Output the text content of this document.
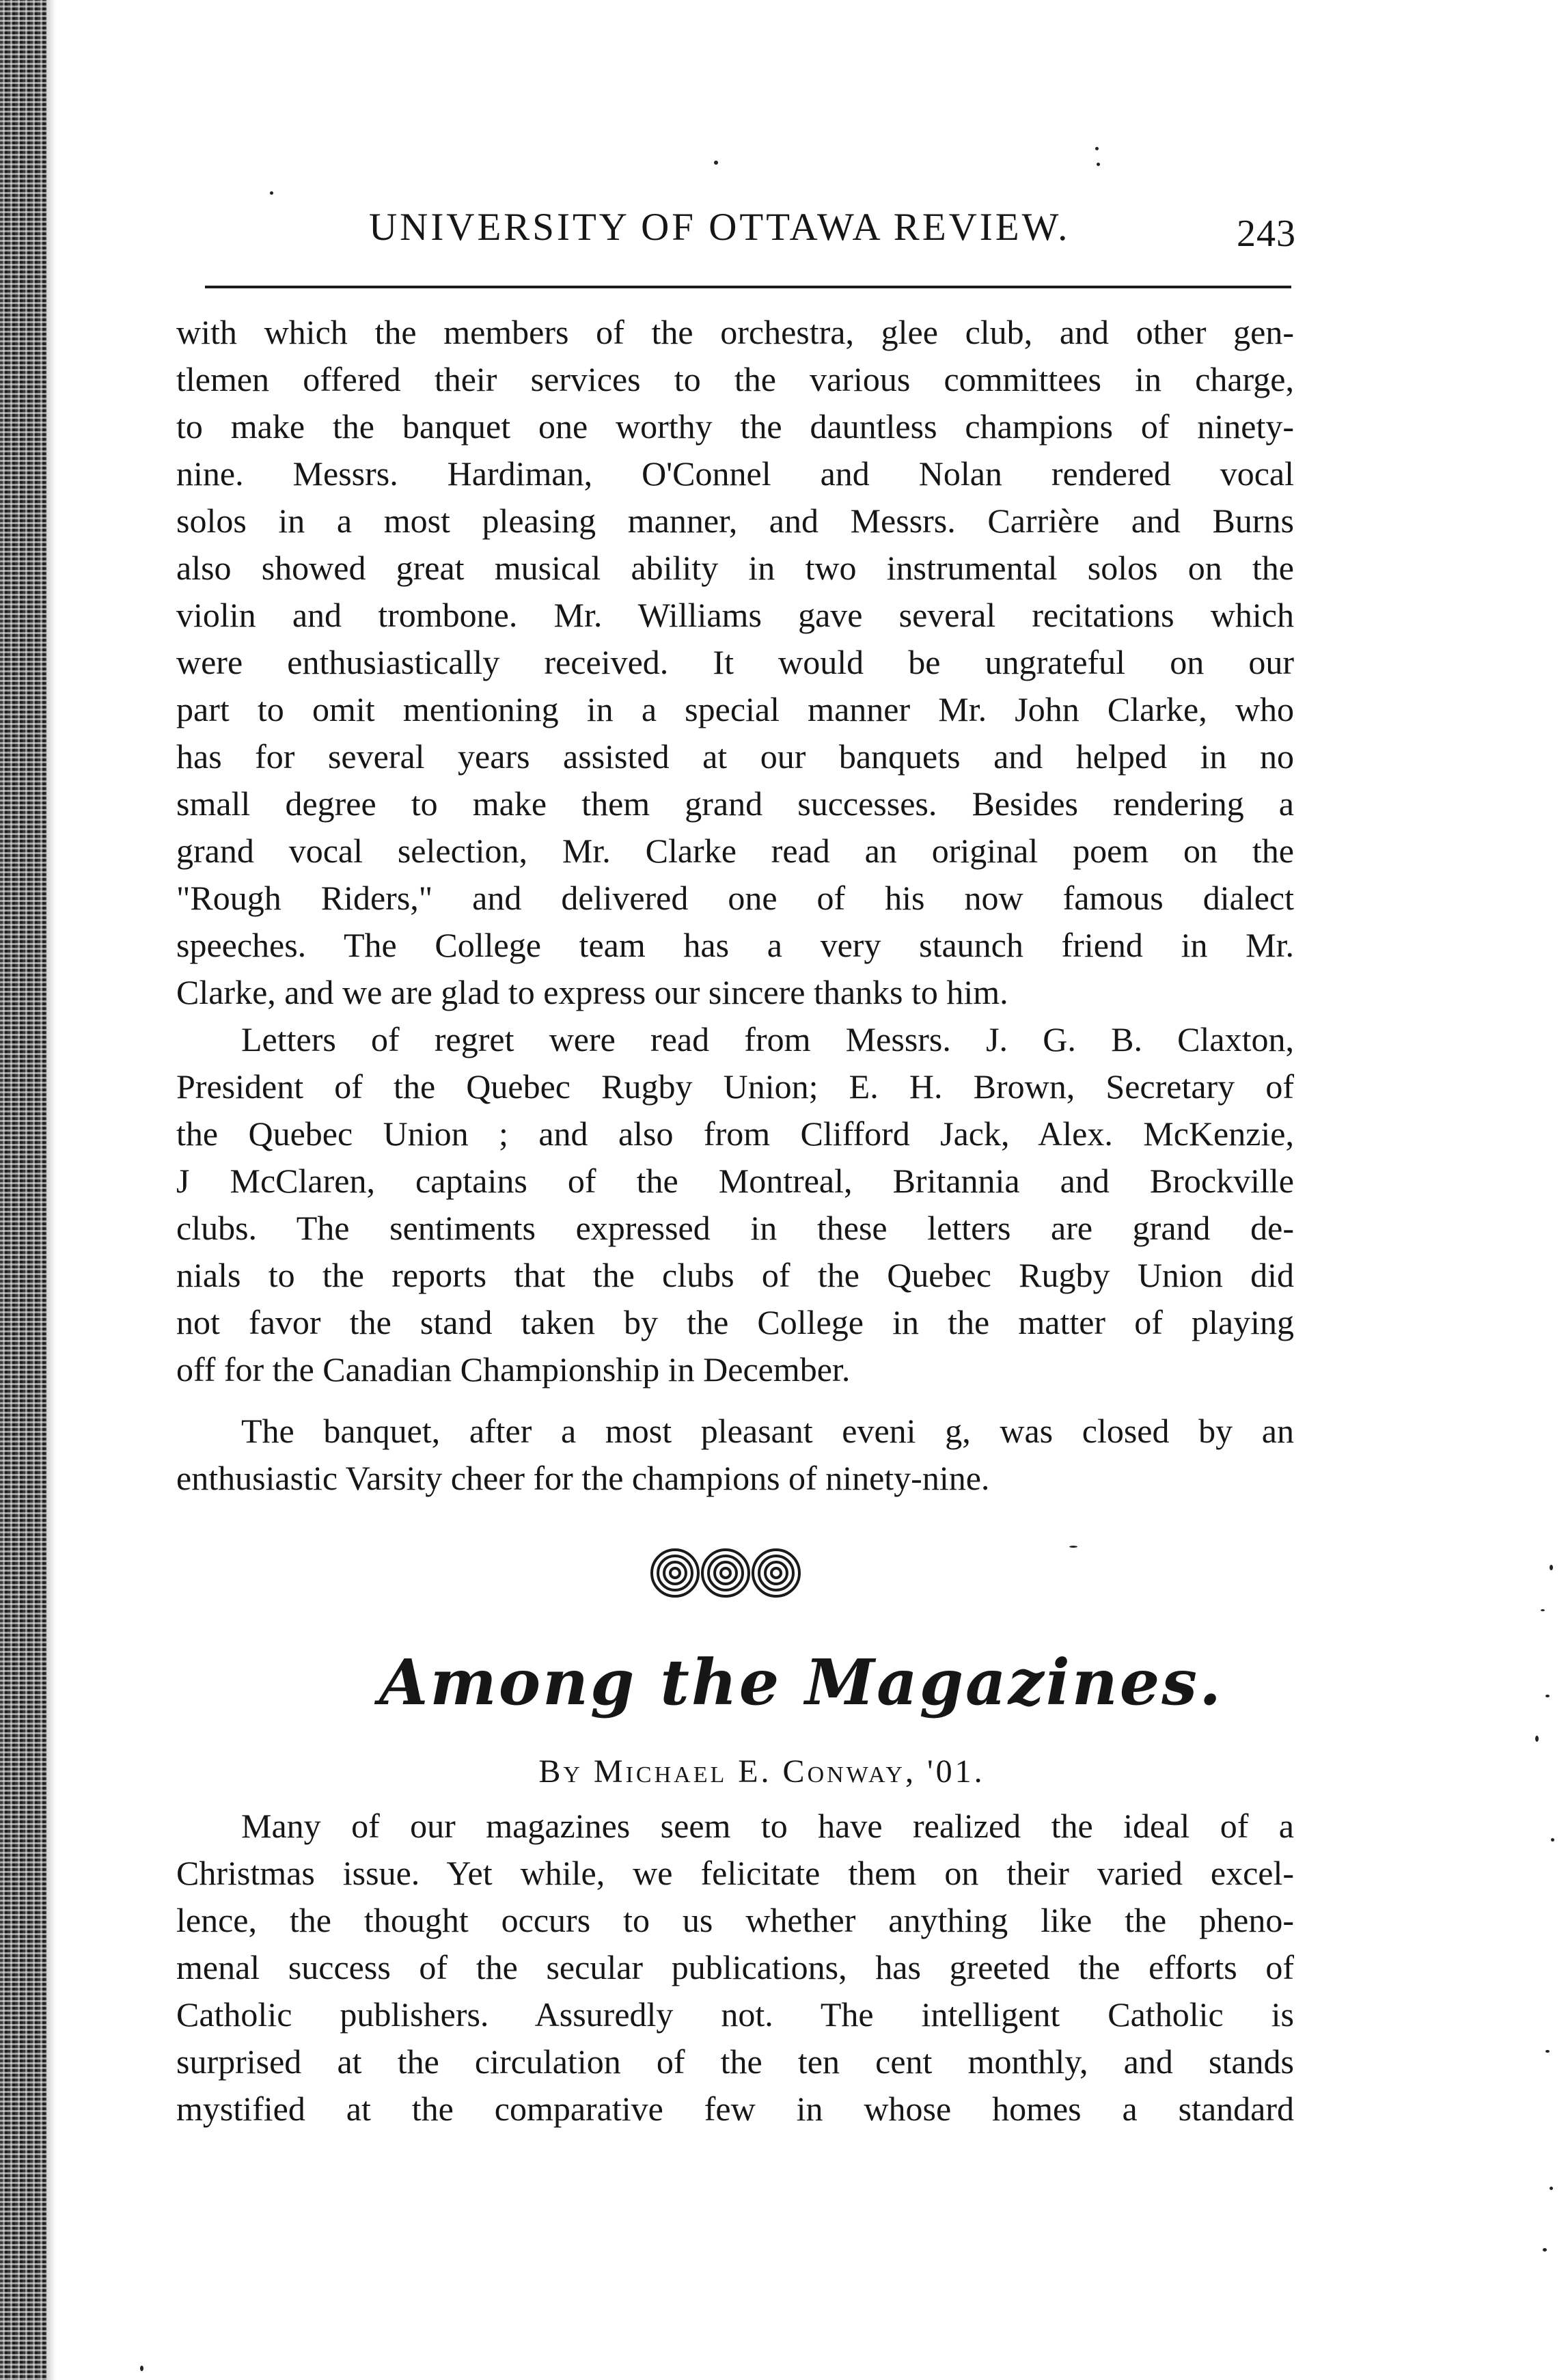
UNIVERSITY OF OTTAWA REVIEW.	243
with which the members of the orchestra, glee club, and other gen-
tlemen offered their services to the various committees in charge,
to make the banquet one worthy the dauntless champions of ninety-
nine. Messrs. Hardiman, O'Connel and Nolan rendered vocal
solos in a most pleasing manner, and Messrs. Carrière and Burns
also showed great musical ability in two instrumental solos on the
violin and trombone. Mr. Williams gave several recitations which
were enthusiastically received. It would be ungrateful on our
part to omit mentioning in a special manner Mr. John Clarke, who
has for several years assisted at our banquets and helped in no
small degree to make them grand successes. Besides rendering a
grand vocal selection, Mr. Clarke read an original poem on the
"Rough Riders," and delivered one of his now famous dialect
speeches. The College team has a very staunch friend in Mr.
Clarke, and we are glad to express our sincere thanks to him.
Letters of regret were read from Messrs. J. G. B. Claxton,
President of the Quebec Rugby Union; E. H. Brown, Secretary of
the Quebec Union ; and also from Clifford Jack, Alex. McKenzie,
J McClaren, captains of the Montreal, Britannia and Brockville
clubs. The sentiments expressed in these letters are grand de-
nials to the reports that the clubs of the Quebec Rugby Union did
not favor the stand taken by the College in the matter of playing
off for the Canadian Championship in December.
The banquet, after a most pleasant eveni g, was closed by an
enthusiastic Varsity cheer for the champions of ninety-nine.
Among the Magazines.
By Michael E. Conway, '01.
Many of our magazines seem to have realized the ideal of a
Christmas issue. Yet while, we felicitate them on their varied excel-
lence, the thought occurs to us whether anything like the pheno-
menal success of the secular publications, has greeted the efforts of
Catholic publishers. Assuredly not. The intelligent Catholic is
surprised at the circulation of the ten cent monthly, and stands
mystified at the comparative few in whose homes a standard
